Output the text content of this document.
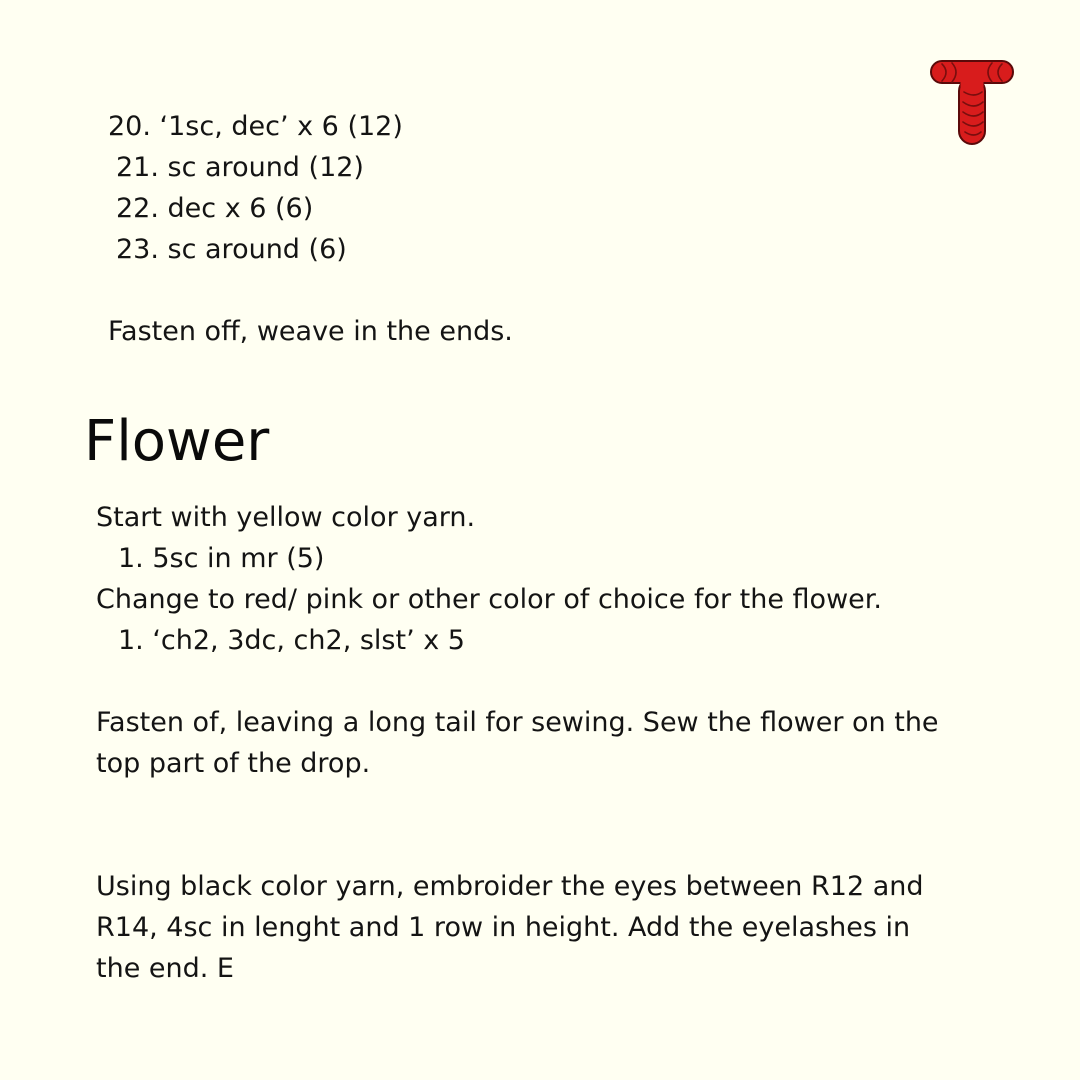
20. ‘1sc, dec’ x 6 (12)

21. sc around (12)

22. dec x 6 (6)

23. sc around (6)

Fasten off, weave in the ends.

Flower

Start with yellow color yarn.

1. 5sc in mr (5)

Change to red/ pink or other color of choice for the flower.

1. ‘ch2, 3dc, ch2, slst’ x 5

Fasten of, leaving a long tail for sewing. Sew the flower on the

top part of the drop.

Using black color yarn, embroider the eyes between R12 and

R14, 4sc in lenght and 1 row in height. Add the eyelashes in

the end. E
